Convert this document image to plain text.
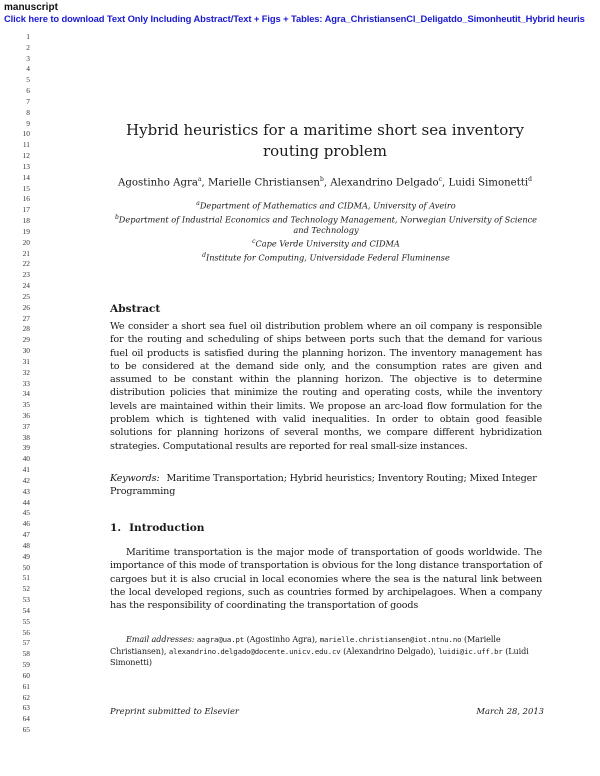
manuscript
Click here to download Text Only Including Abstract/Text + Figs + Tables: Agra_ChristiansenCl_Deligatdo_Simonheutit_Hybrid heuris
1
2
3
4
5
6
7
8
9
10
11
12
13
14
15
16
17
18
19
20
21
22
23
24
25
26
27
28
29
30
31
32
33
34
35
36
37
38
39
40
41
42
43
44
45
46
47
48
49
50
51
52
53
54
55
56
57
58
59
60
61
62
63
64
65
Hybrid heuristics for a maritime short sea inventory routing problem
Agostinho Agra$^a$, Marielle Christiansen$^b$, Alexandrino Delgado$^c$, Luidi Simonetti$^d$
$^a$Department of Mathematics and CIDMA, University of Aveiro
$^b$Department of Industrial Economics and Technology Management, Norwegian University of Science and Technology
$^c$Cape Verde University and CIDMA
$^d$Institute for Computing, Universidade Federal Fluminense
Abstract
We consider a short sea fuel oil distribution problem where an oil company is responsible for the routing and scheduling of ships between ports such that the demand for various fuel oil products is satisfied during the planning horizon. The inventory management has to be considered at the demand side only, and the consumption rates are given and assumed to be constant within the planning horizon. The objective is to determine distribution policies that minimize the routing and operating costs, while the inventory levels are maintained within their limits. We propose an arc-load flow formulation for the problem which is tightened with valid inequalities. In order to obtain good feasible solutions for planning horizons of several months, we compare different hybridization strategies. Computational results are reported for real small-size instances.
Keywords: Maritime Transportation; Hybrid heuristics; Inventory Routing; Mixed Integer Programming
1. Introduction
Maritime transportation is the major mode of transportation of goods worldwide. The importance of this mode of transportation is obvious for the long distance transportation of cargoes but it is also crucial in local economies where the sea is the natural link between the local developed regions, such as countries formed by archipelagoes. When a company has the responsibility of coordinating the transportation of goods
Email addresses: aagra@ua.pt (Agostinho Agra), marielle.christiansen@iot.ntnu.no (Marielle Christiansen), alexandrino.delgado@docente.unicv.edu.cv (Alexandrino Delgado), luidi@ic.uff.br (Luidi Simonetti)
Preprint submitted to Elsevier	March 28, 2013
